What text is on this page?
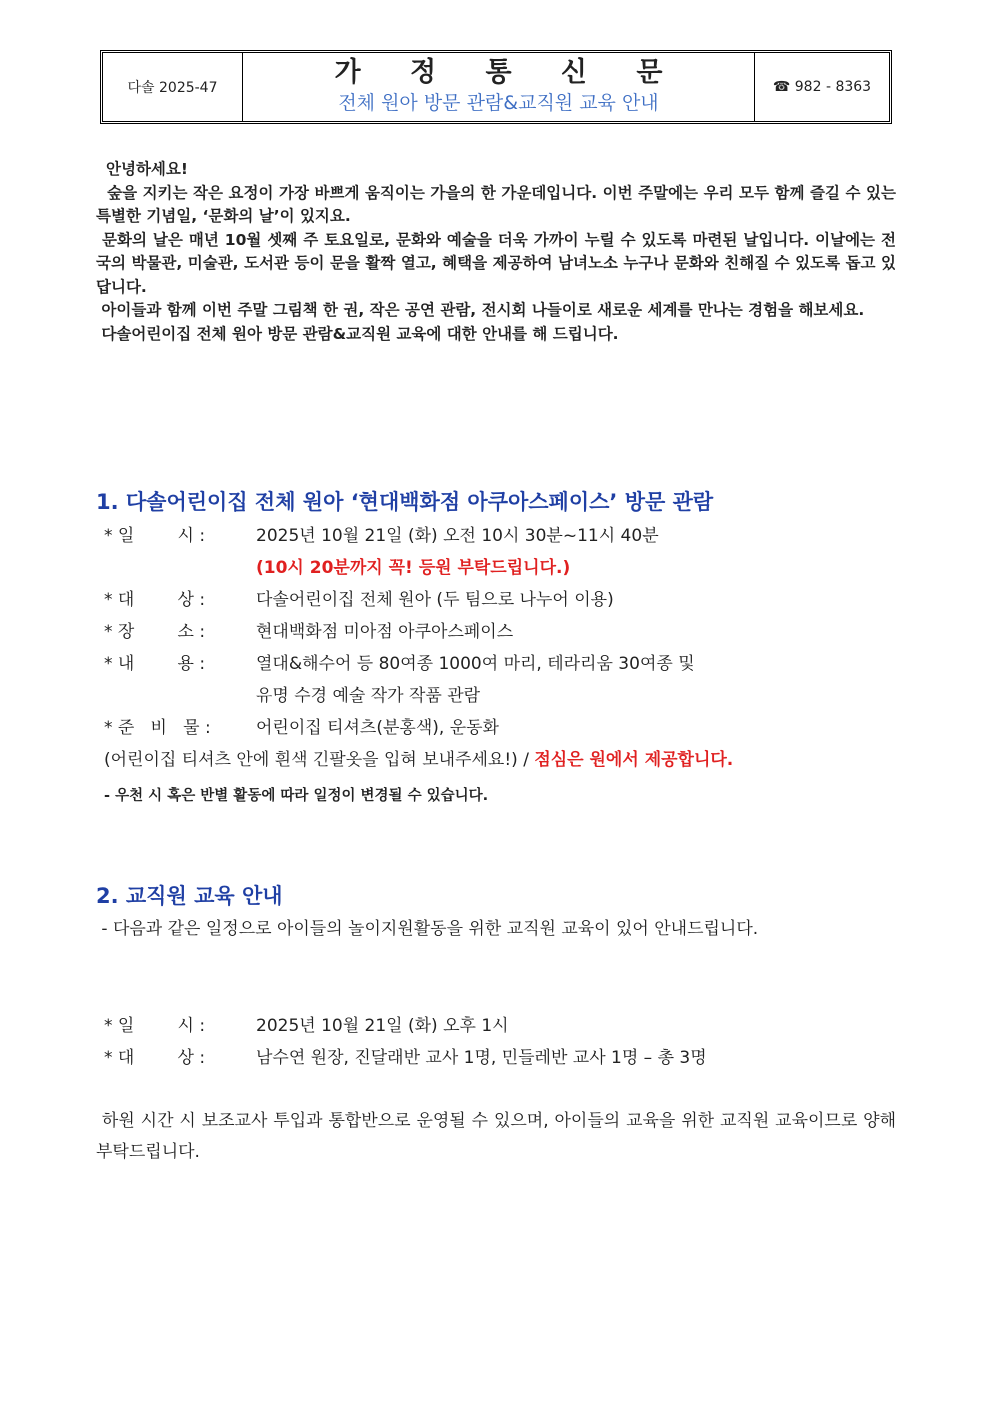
다솔 2025-47	가 정 통 신 문
전체 원아 방문 관람&교직원 교육 안내
☎ 982 - 8363

안녕하세요!

숲을 지키는 작은 요정이 가장 바쁘게 움직이는 가을의 한 가운데입니다. 이번 주말에는 우리 모두 함께 즐길 수 있는 특별한 기념일, ‘문화의 날’이 있지요.

문화의 날은 매년 10월 셋째 주 토요일로, 문화와 예술을 더욱 가까이 누릴 수 있도록 마련된 날입니다. 이날에는 전국의 박물관, 미술관, 도서관 등이 문을 활짝 열고, 혜택을 제공하여 남녀노소 누구나 문화와 친해질 수 있도록 돕고 있답니다.

아이들과 함께 이번 주말 그림책 한 권, 작은 공연 관람, 전시회 나들이로 새로운 세계를 만나는 경험을 해보세요.

다솔어린이집 전체 원아 방문 관람&교직원 교육에 대한 안내를 해 드립니다.

1. 다솔어린이집 전체 원아 ‘현대백화점 아쿠아스페이스’ 방문 관람
* 일        시 :	2025년 10월 21일 (화) 오전 10시 30분~11시 40분
(10시 20분까지 꼭! 등원 부탁드립니다.)
* 대        상 :	다솔어린이집 전체 원아 (두 팀으로 나누어 이용)
* 장        소 :	현대백화점 미아점 아쿠아스페이스
* 내        용 :	열대&해수어 등 80여종 1000여 마리, 테라리움 30여종 및
유명 수경 예술 작가 작품 관람
* 준   비   물 :	어린이집 티셔츠(분홍색), 운동화
(어린이집 티셔츠 안에 흰색 긴팔옷을 입혀 보내주세요!) / 점심은 원에서 제공합니다.
- 우천 시 혹은 반별 활동에 따라 일정이 변경될 수 있습니다.
2. 교직원 교육 안내

- 다음과 같은 일정으로 아이들의 놀이지원활동을 위한 교직원 교육이 있어 안내드립니다.

* 일        시 :	2025년 10월 21일 (화) 오후 1시
* 대        상 :	남수연 원장, 진달래반 교사 1명, 민들레반 교사 1명 – 총 3명

하원 시간 시 보조교사 투입과 통합반으로 운영될 수 있으며, 아이들의 교육을 위한 교직원 교육이므로 양해부탁드립니다.
